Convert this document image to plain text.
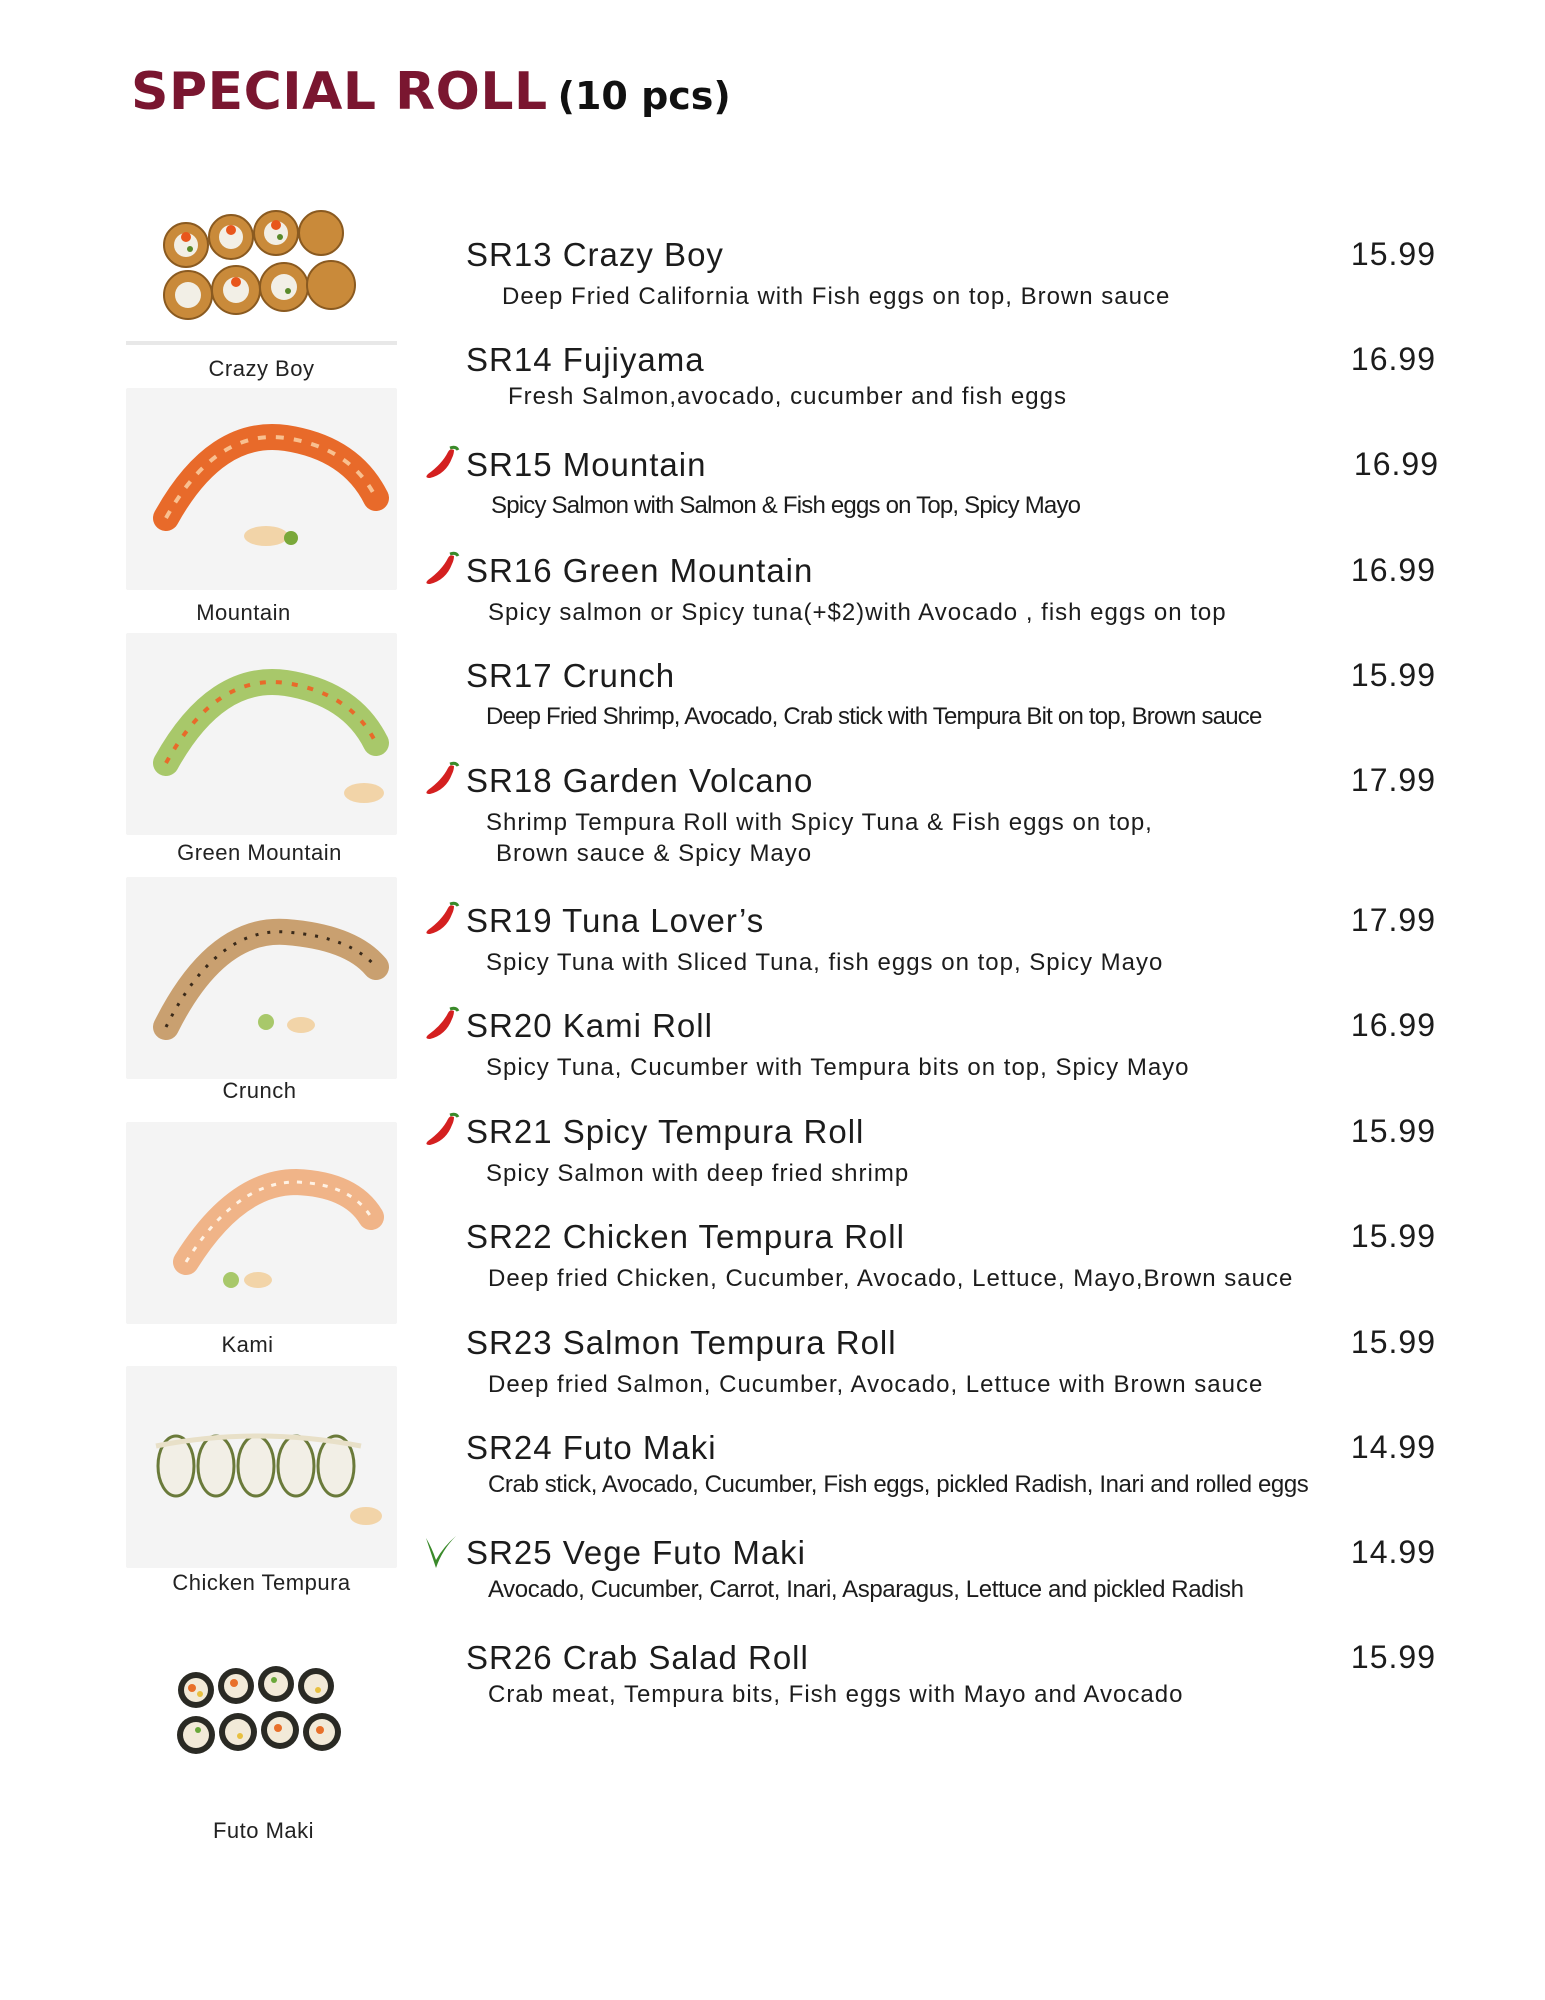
SPECIAL ROLL (10 pcs)
Crazy Boy
Mountain
Green Mountain
Crunch
Kami
Chicken Tempura
Futo Maki
SR13 Crazy Boy	15.99
Deep Fried California with Fish eggs on top, Brown sauce
SR14 Fujiyama	16.99
Fresh Salmon,avocado, cucumber and fish eggs
SR15 Mountain	16.99
Spicy Salmon with Salmon & Fish eggs on Top, Spicy Mayo
SR16 Green Mountain	16.99
Spicy salmon or Spicy tuna(+$2)with Avocado , fish eggs on top
SR17 Crunch	15.99
Deep Fried Shrimp, Avocado, Crab stick with Tempura Bit on top, Brown sauce
SR18 Garden Volcano	17.99
Shrimp Tempura Roll with Spicy Tuna & Fish eggs on top,
Brown sauce & Spicy Mayo
SR19 Tuna Lover’s	17.99
Spicy Tuna with Sliced Tuna, fish eggs on top, Spicy Mayo
SR20 Kami Roll	16.99
Spicy Tuna, Cucumber with Tempura bits on top, Spicy Mayo
SR21 Spicy Tempura Roll	15.99
Spicy Salmon with deep fried shrimp
SR22 Chicken Tempura Roll	15.99
Deep fried Chicken, Cucumber, Avocado, Lettuce, Mayo,Brown sauce
SR23 Salmon Tempura Roll	15.99
Deep fried Salmon, Cucumber, Avocado, Lettuce with Brown sauce
SR24 Futo Maki	14.99
Crab stick, Avocado, Cucumber, Fish eggs, pickled Radish, Inari and rolled eggs
SR25 Vege Futo Maki	14.99
Avocado, Cucumber, Carrot, Inari, Asparagus, Lettuce and pickled Radish
SR26 Crab Salad Roll	15.99
Crab meat, Tempura bits, Fish eggs with Mayo and Avocado
